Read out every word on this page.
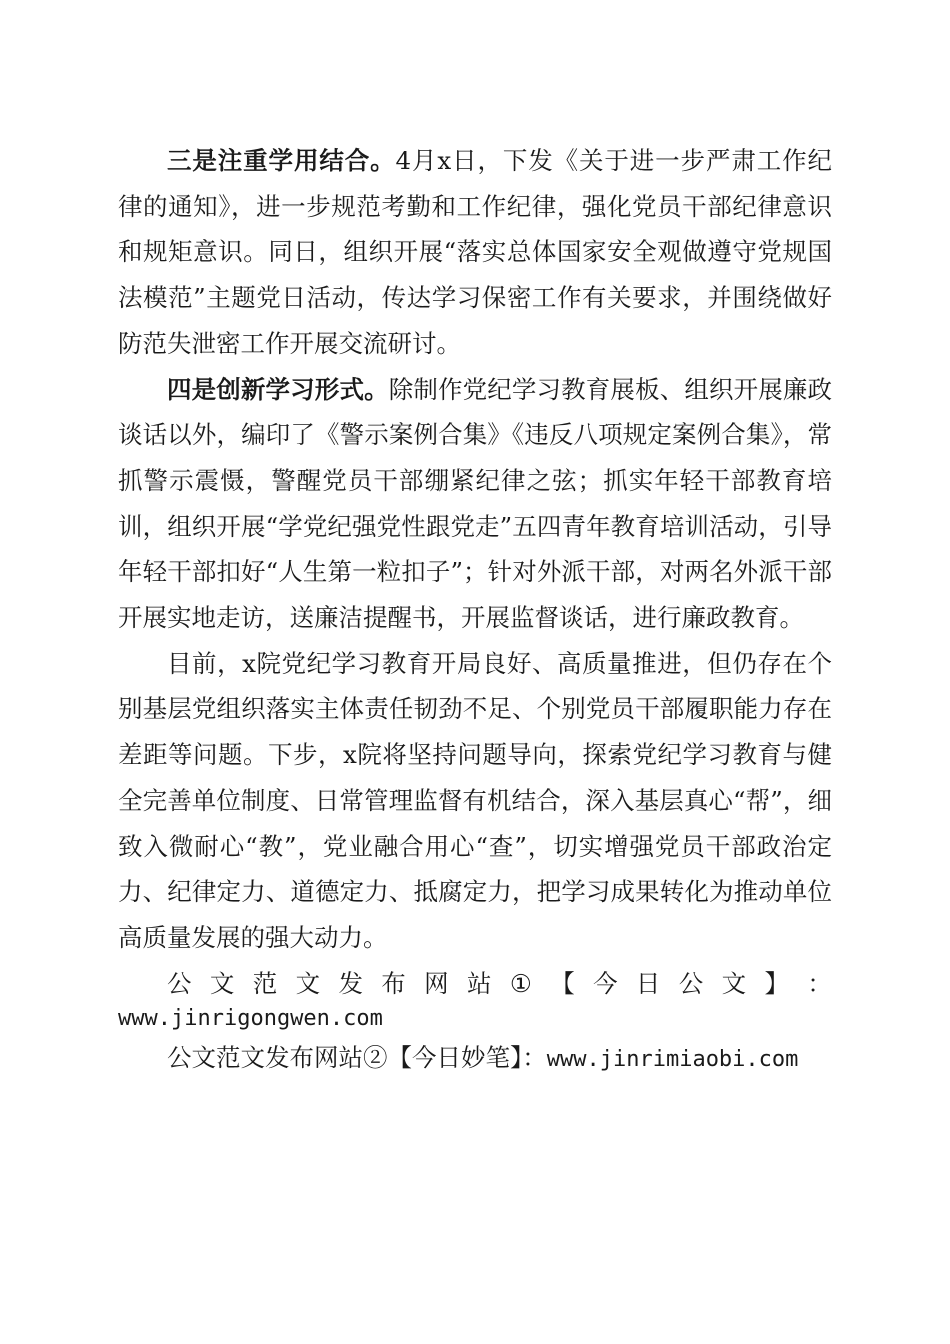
三是注重学用结合。4月x日，下发《关于进一步严肃工作纪律的通知》，进一步规范考勤和工作纪律，强化党员干部纪律意识和规矩意识。同日，组织开展“落实总体国家安全观做遵守党规国法模范”主题党日活动，传达学习保密工作有关要求，并围绕做好防范失泄密工作开展交流研讨。

四是创新学习形式。除制作党纪学习教育展板、组织开展廉政谈话以外，编印了《警示案例合集》《违反八项规定案例合集》，常抓警示震慑，警醒党员干部绷紧纪律之弦；抓实年轻干部教育培训，组织开展“学党纪强党性跟党走”五四青年教育培训活动，引导年轻干部扣好“人生第一粒扣子”；针对外派干部，对两名外派干部开展实地走访，送廉洁提醒书，开展监督谈话，进行廉政教育。

目前，x院党纪学习教育开局良好、高质量推进，但仍存在个别基层党组织落实主体责任韧劲不足、个别党员干部履职能力存在差距等问题。下步，x院将坚持问题导向，探索党纪学习教育与健全完善单位制度、日常管理监督有机结合，深入基层真心“帮”，细致入微耐心“教”，党业融合用心“查”，切实增强党员干部政治定力、纪律定力、道德定力、抵腐定力，把学习成果转化为推动单位高质量发展的强大动力。

公 文 范 文 发 布 网 站 ① 【 今 日 公 文 】 ：
www.jinrigongwen.com
公文范文发布网站②【今日妙笔】：www.jinrimiaobi.com
